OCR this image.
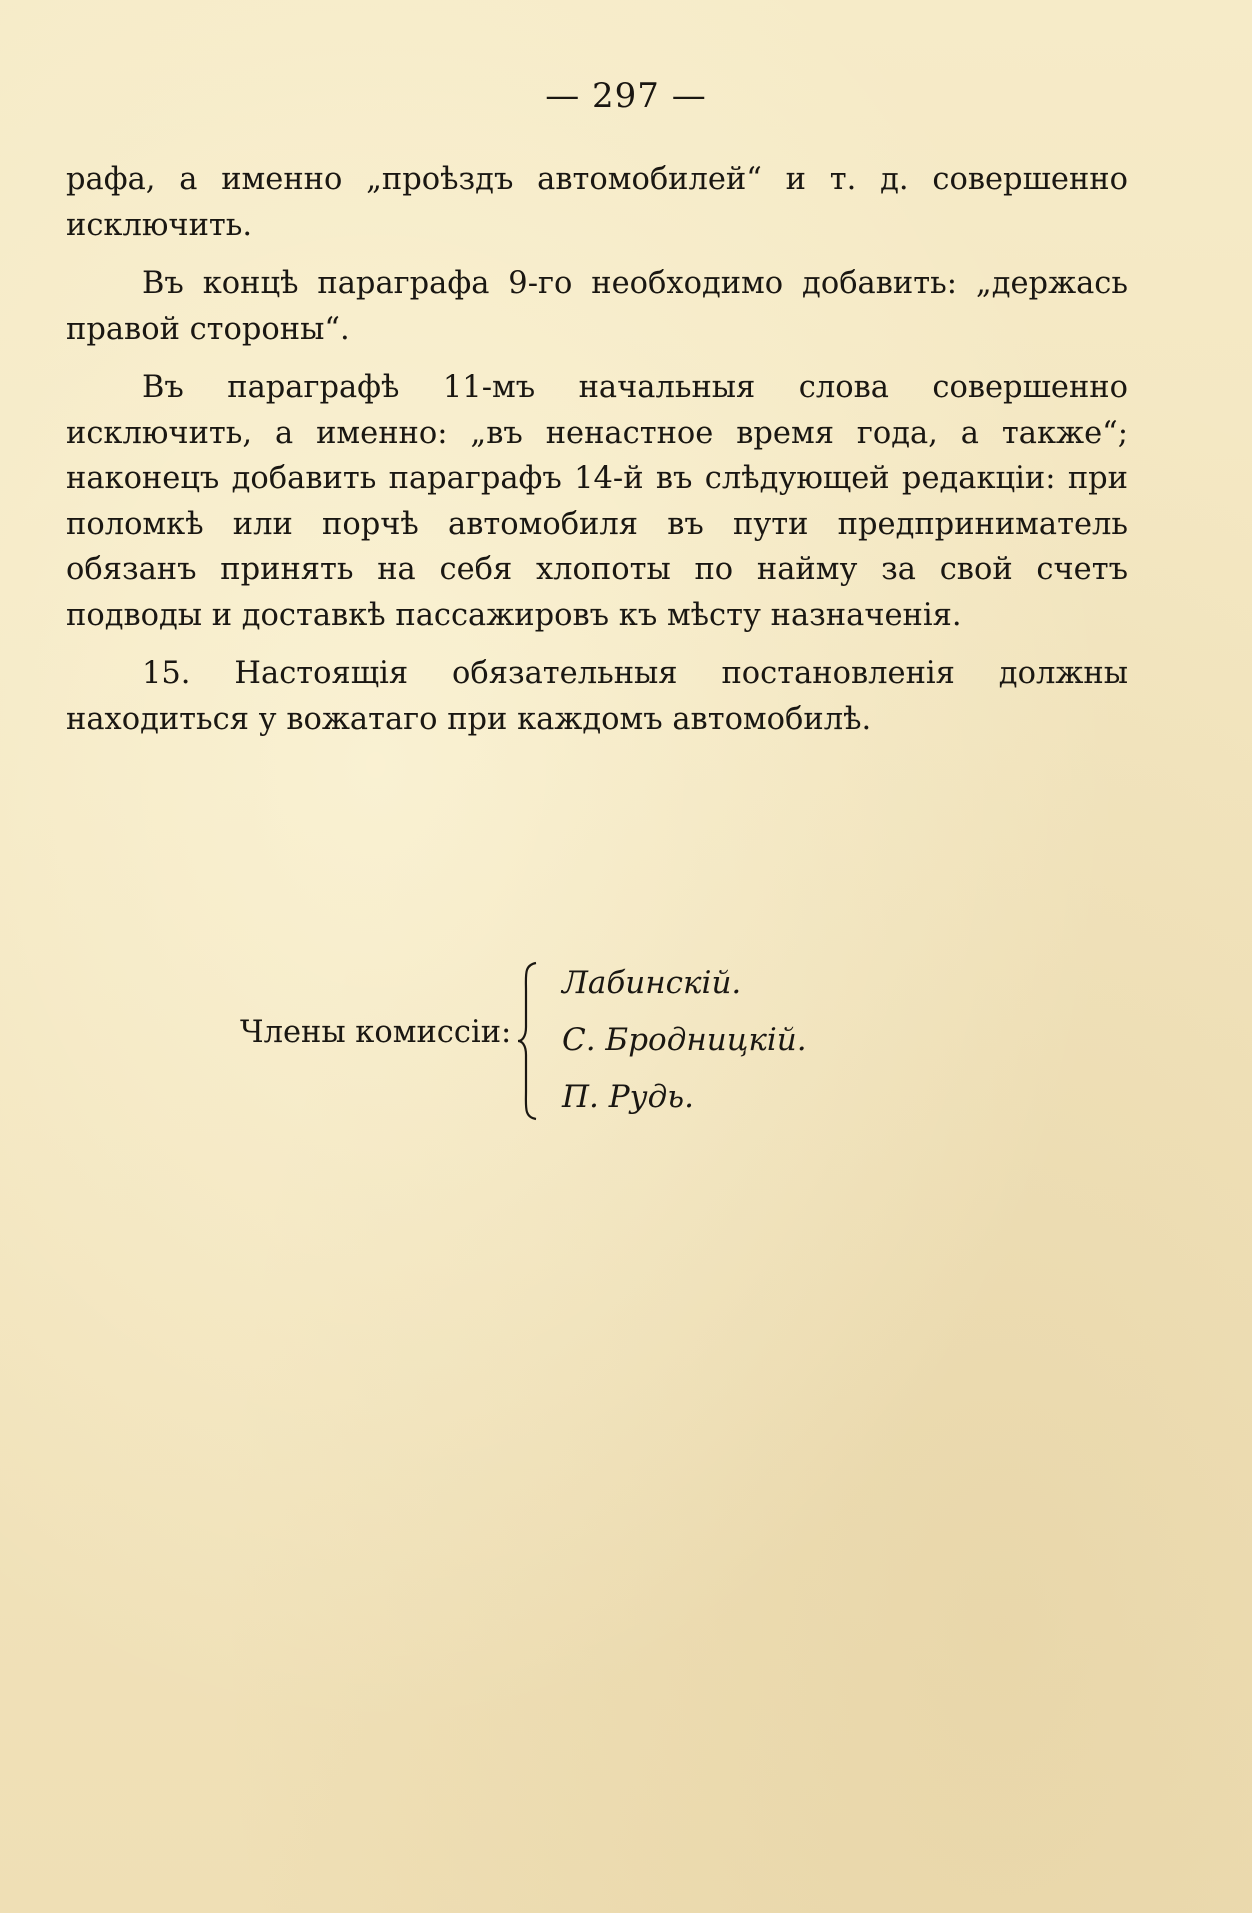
— 297 —

рафа, а именно „проѣздъ автомобилей“ и т. д. совершенно исключить.

Въ концѣ параграфа 9-го необходимо добавить: „держась правой стороны“.

Въ параграфѣ 11-мъ начальныя слова совершенно исключить, а именно: „въ ненастное время года, а также“; наконецъ добавить параграфъ 14-й въ слѣдующей редакціи: при поломкѣ или порчѣ автомобиля въ пути предприниматель обязанъ принять на себя хлопоты по найму за свой счетъ подводы и доставкѣ пассажировъ къ мѣсту назначенія.

15. Настоящія обязательныя постановленія должны находиться у вожатаго при каждомъ автомобилѣ.

Члены комиссіи:
Лабинскій.
С. Бродницкій.
П. Рудь.
